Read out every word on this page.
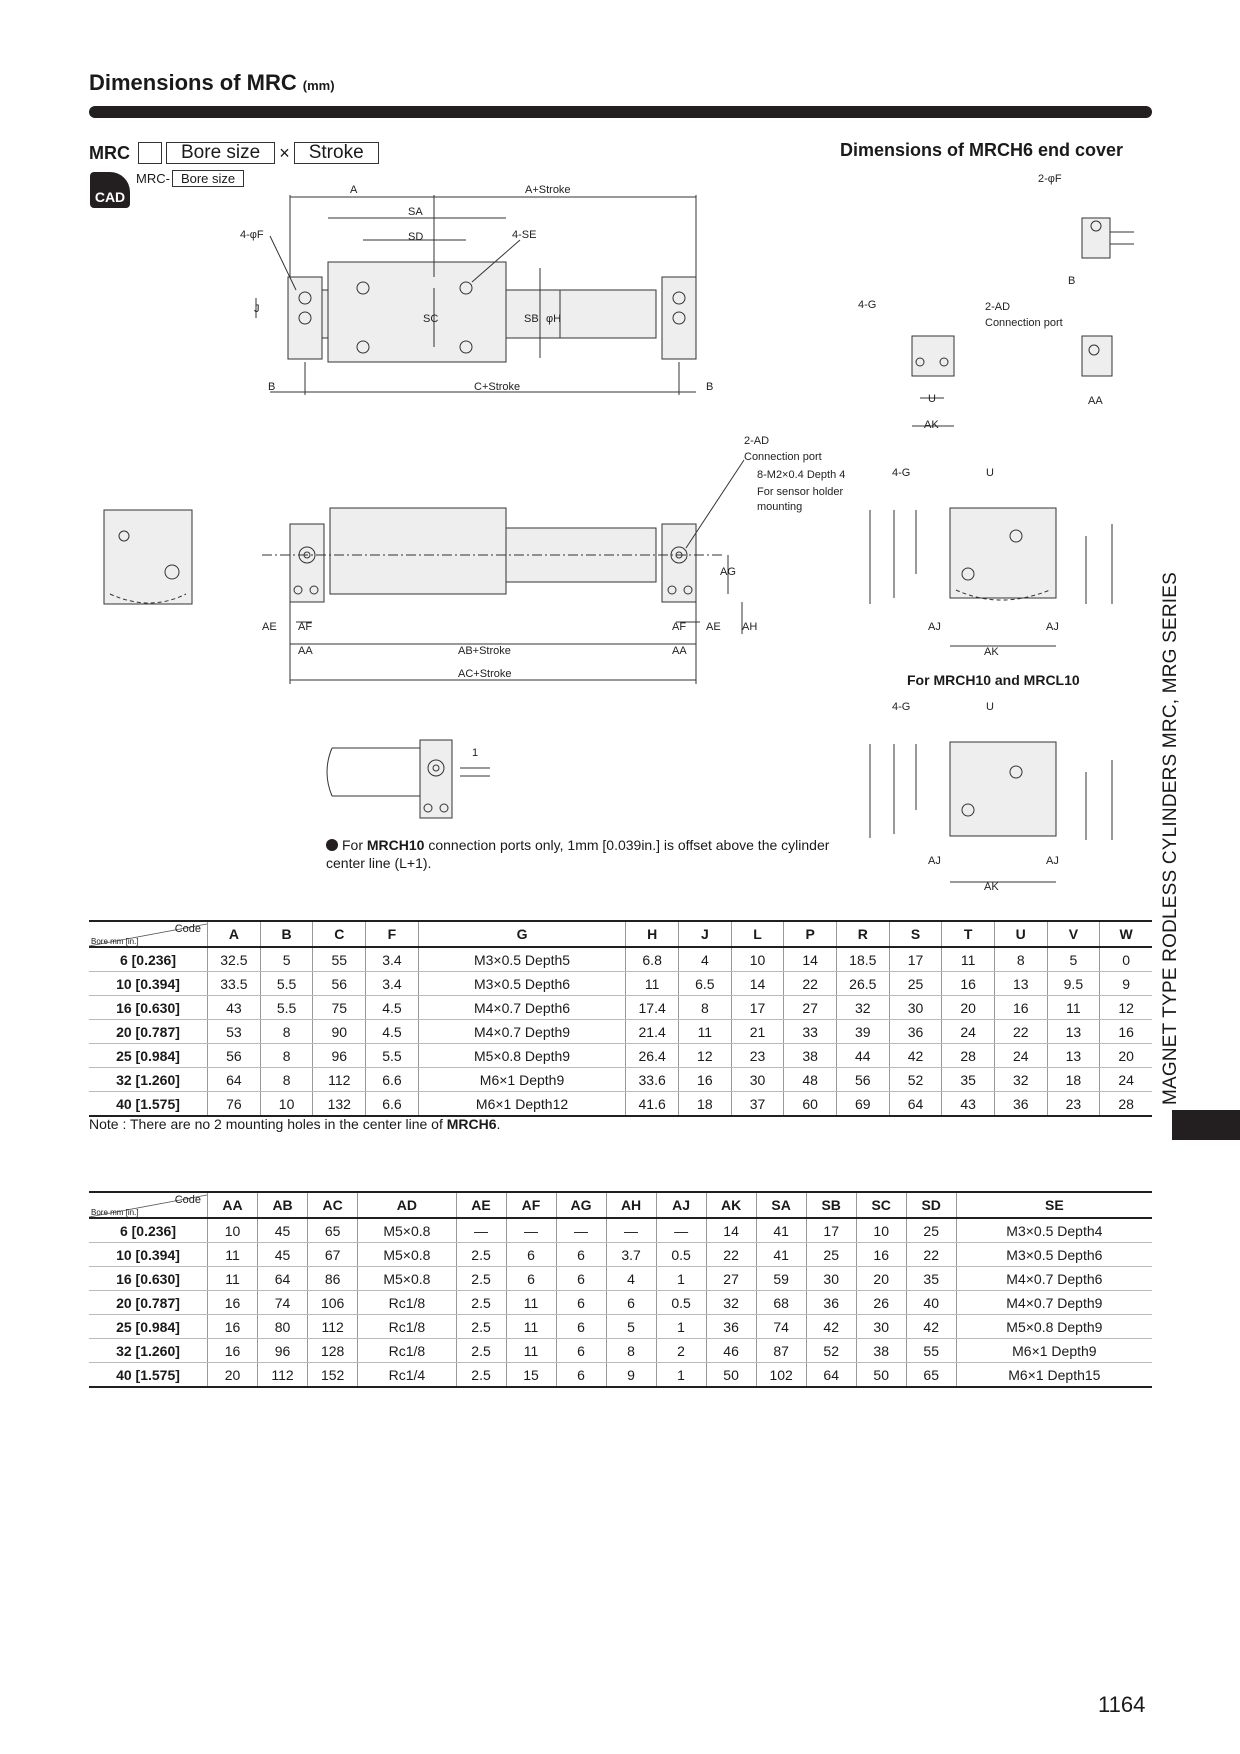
Dimensions of MRC (mm)
MRC	Bore size	×	Stroke
CAD
MRC- Bore size
Dimensions of MRCH6 end cover
For MRCH10 and MRCL10
A	A+Stroke
SA
SD
4-φF	4-SE
J
SC	SB φH
B	C+Stroke	B
2-AD
Connection port
8-M2×0.4 Depth 4
For sensor holder
mounting
AG
AH
AE AF
AA
AF AE
AA
AB+Stroke
AC+Stroke
1
2-φF
B
4-G	2-AD
Connection port
U
AK
AA
4-G	U
AJ	AJ
AK
4-G	U
AJ	AJ
AK
For MRCH10 connection ports only, 1mm [0.039in.] is offset above the cylinder center line (L+1).
Code
Bore mm [in.]	A	B	C	F	G	H	J	L	P	R	S	T	U	V	W
6 [0.236]	32.5	5	55	3.4	M3×0.5 Depth5	6.8	4	10	14	18.5	17	11	8	5	0
10 [0.394]	33.5	5.5	56	3.4	M3×0.5 Depth6	11	6.5	14	22	26.5	25	16	13	9.5	9
16 [0.630]	43	5.5	75	4.5	M4×0.7 Depth6	17.4	8	17	27	32	30	20	16	11	12
20 [0.787]	53	8	90	4.5	M4×0.7 Depth9	21.4	11	21	33	39	36	24	22	13	16
25 [0.984]	56	8	96	5.5	M5×0.8 Depth9	26.4	12	23	38	44	42	28	24	13	20
32 [1.260]	64	8	112	6.6	M6×1 Depth9	33.6	16	30	48	56	52	35	32	18	24
40 [1.575]	76	10	132	6.6	M6×1 Depth12	41.6	18	37	60	69	64	43	36	23	28
Note : There are no 2 mounting holes in the center line of MRCH6.
Code
Bore mm [in.]	AA	AB	AC	AD	AE	AF	AG	AH	AJ	AK	SA	SB	SC	SD	SE
6 [0.236]	10	45	65	M5×0.8	—	—	—	—	—	14	41	17	10	25	M3×0.5 Depth4
10 [0.394]	11	45	67	M5×0.8	2.5	6	6	3.7	0.5	22	41	25	16	22	M3×0.5 Depth6
16 [0.630]	11	64	86	M5×0.8	2.5	6	6	4	1	27	59	30	20	35	M4×0.7 Depth6
20 [0.787]	16	74	106	Rc1/8	2.5	11	6	6	0.5	32	68	36	26	40	M4×0.7 Depth9
25 [0.984]	16	80	112	Rc1/8	2.5	11	6	5	1	36	74	42	30	42	M5×0.8 Depth9
32 [1.260]	16	96	128	Rc1/8	2.5	11	6	8	2	46	87	52	38	55	M6×1 Depth9
40 [1.575]	20	112	152	Rc1/4	2.5	15	6	9	1	50	102	64	50	65	M6×1 Depth15
MAGNET TYPE RODLESS CYLINDERS MRC, MRG SERIES
1164
